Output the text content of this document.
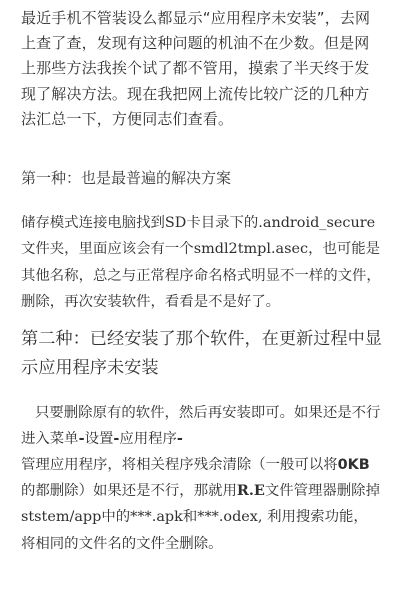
最近手机不管装设么都显示“应用程序未安装”，去网上查了查，发现有这种问题的机油不在少数。但是网上那些方法我挨个试了都不管用，摸索了半天终于发现了解决方法。现在我把网上流传比较广泛的几种方法汇总一下，方便同志们查看。

第一种：也是最普遍的解决方案

储存模式连接电脑找到SD卡目录下的.android_secure文件夹，里面应该会有一个smdl2tmpl.asec，也可能是其他名称，总之与正常程序命名格式明显不一样的文件，删除，再次安装软件，看看是不是好了。

第二种：已经安装了那个软件，在更新过程中显示应用程序未安装

只要删除原有的软件，然后再安装即可。如果还是不行进入菜单-设置-应用程序-
管理应用程序，将相关程序残余清除（一般可以将0KB的都删除）如果还是不行，那就用R.E文件管理器删除掉ststem/app中的***.apk和***.odex, 利用搜索功能，将相同的文件名的文件全删除。
